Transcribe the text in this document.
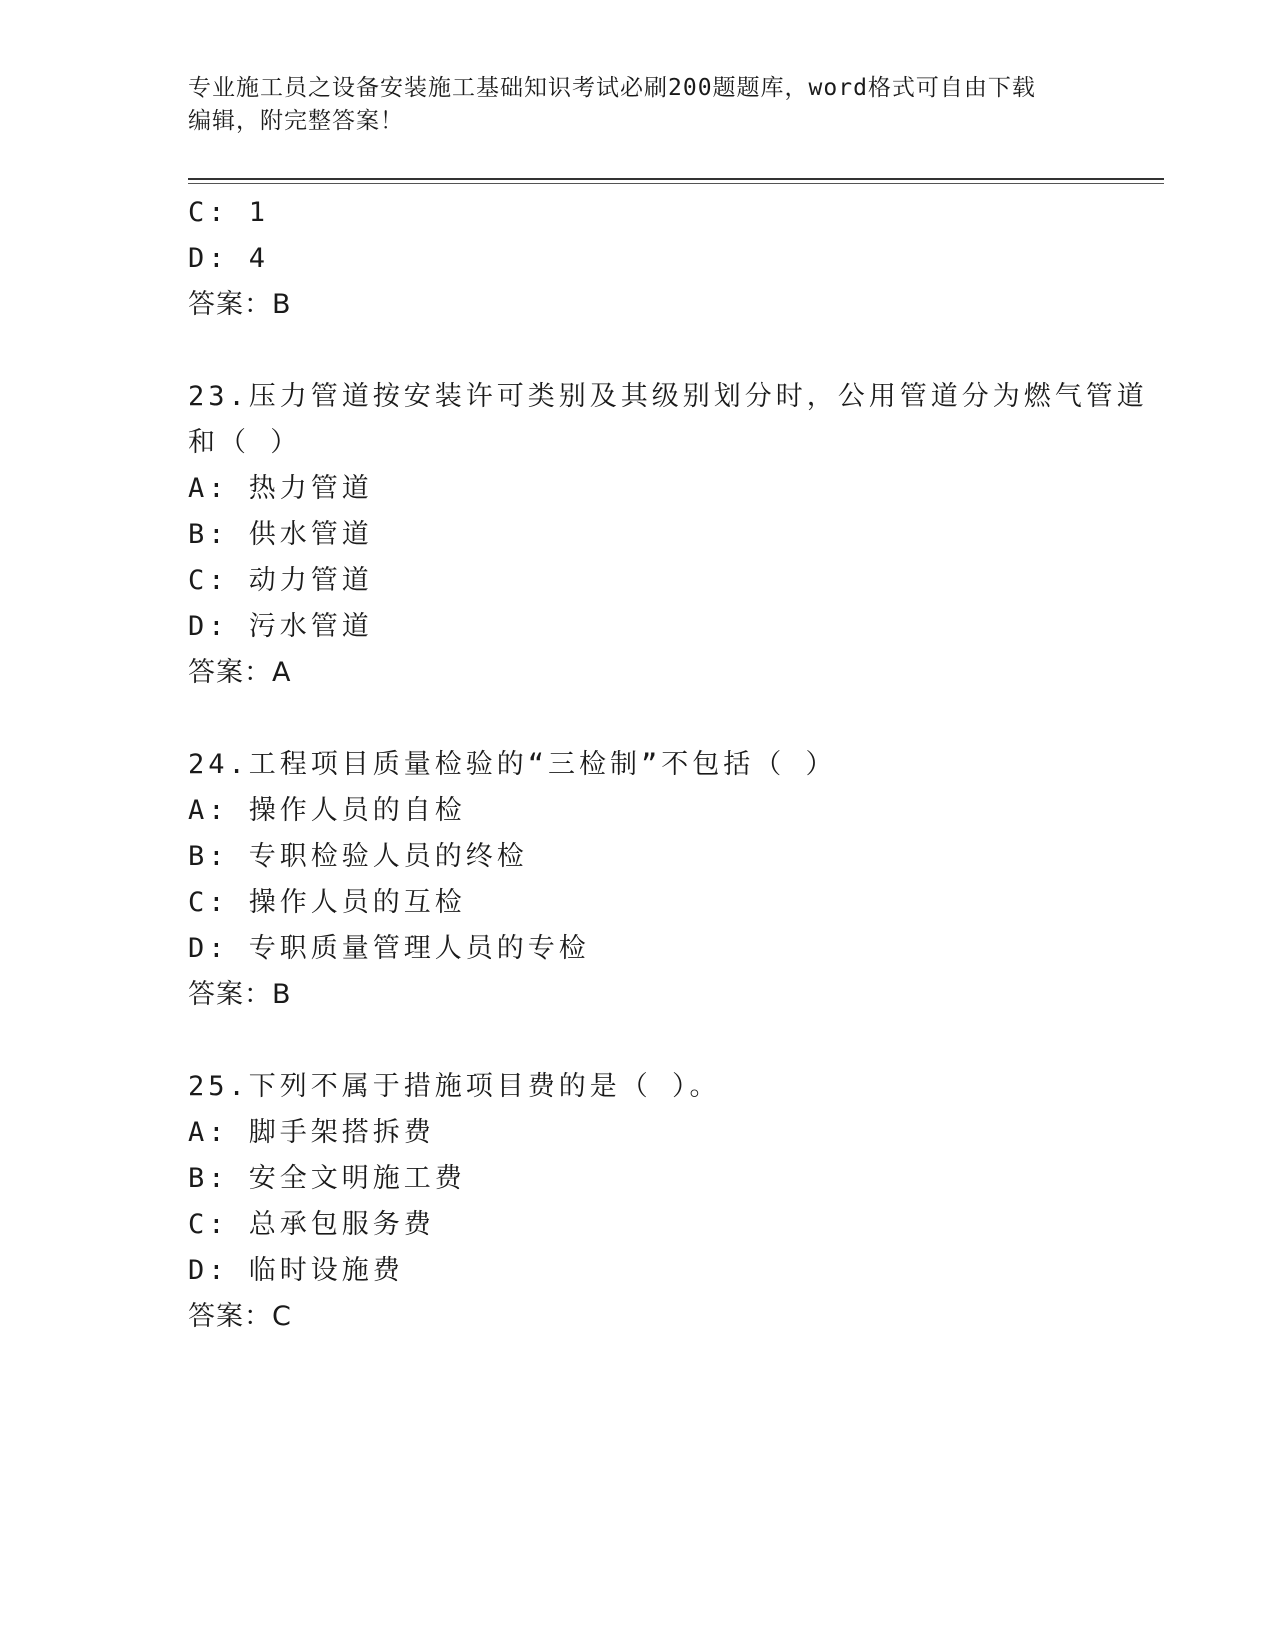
专业施工员之设备安装施工基础知识考试必刷200题题库，word格式可自由下载
编辑，附完整答案！
C: 1
D: 4
答案：B
23.压力管道按安装许可类别及其级别划分时，公用管道分为燃气管道
和（ ）
A: 热力管道
B: 供水管道
C: 动力管道
D: 污水管道
答案：A
24.工程项目质量检验的“三检制”不包括（ ）
A: 操作人员的自检
B: 专职检验人员的终检
C: 操作人员的互检
D: 专职质量管理人员的专检
答案：B
25.下列不属于措施项目费的是（ ）。
A: 脚手架搭拆费
B: 安全文明施工费
C: 总承包服务费
D: 临时设施费
答案：C
